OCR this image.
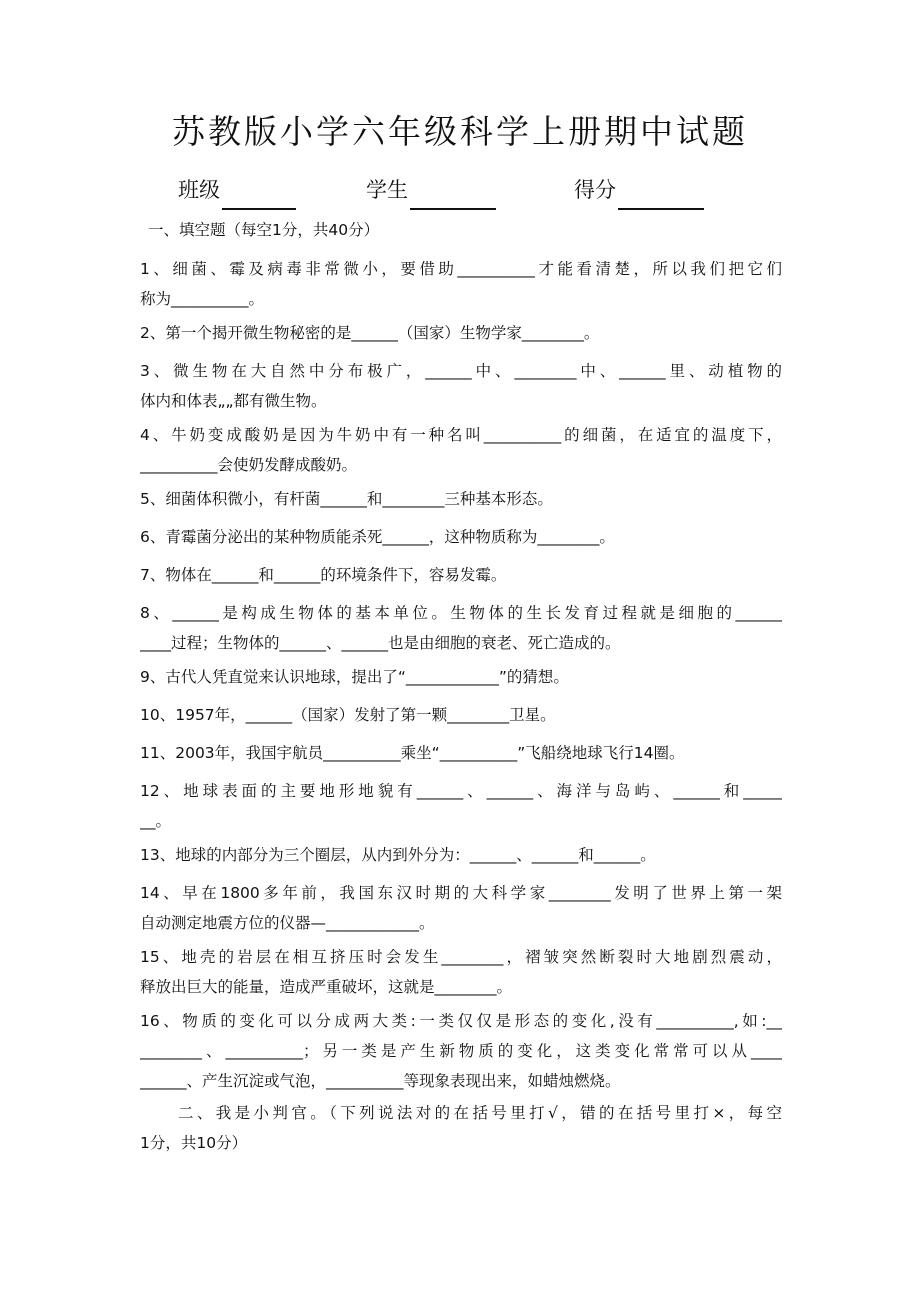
苏教版小学六年级科学上册期中试题
班级	学生	得分
一、填空题（每空1分，共40分）
1、细菌、霉及病毒非常微小，要借助__________才能看清楚，所以我们把它们
称为__________。
2、第一个揭开微生物秘密的是______（国家）生物学家________。
3、微生物在大自然中分布极广，______中、________中、______里、动植物的
体内和体表„„都有微生物。
4、牛奶变成酸奶是因为牛奶中有一种名叫__________的细菌，在适宜的温度下，
__________会使奶发酵成酸奶。
5、细菌体积微小，有杆菌______和________三种基本形态。
6、青霉菌分泌出的某种物质能杀死______，这种物质称为________。
7、物体在______和______的环境条件下，容易发霉。
8、______是构成生物体的基本单位。生物体的生长发育过程就是细胞的______
____过程；生物体的______、______也是由细胞的衰老、死亡造成的。
9、古代人凭直觉来认识地球，提出了“____________”的猜想。
10、1957年，______（国家）发射了第一颗________卫星。
11、2003年，我国宇航员__________乘坐“__________”飞船绕地球飞行14圈。
12、地球表面的主要地形地貌有______、______、海洋与岛屿、______和_____
__。
13、地球的内部分为三个圈层，从内到外分为：______、______和______。
14、早在1800多年前，我国东汉时期的大科学家________发明了世界上第一架
自动测定地震方位的仪器—____________。
15、地壳的岩层在相互挤压时会发生________，褶皱突然断裂时大地剧烈震动，
释放出巨大的能量，造成严重破坏，这就是________。
16、物质的变化可以分成两大类:一类仅仅是形态的变化,没有__________,如:__
________、__________；另一类是产生新物质的变化，这类变化常常可以从____
______、产生沉淀或气泡，__________等现象表现出来，如蜡烛燃烧。
二、我是小判官。（下列说法对的在括号里打√，错的在括号里打×，每空
1分，共10分）
